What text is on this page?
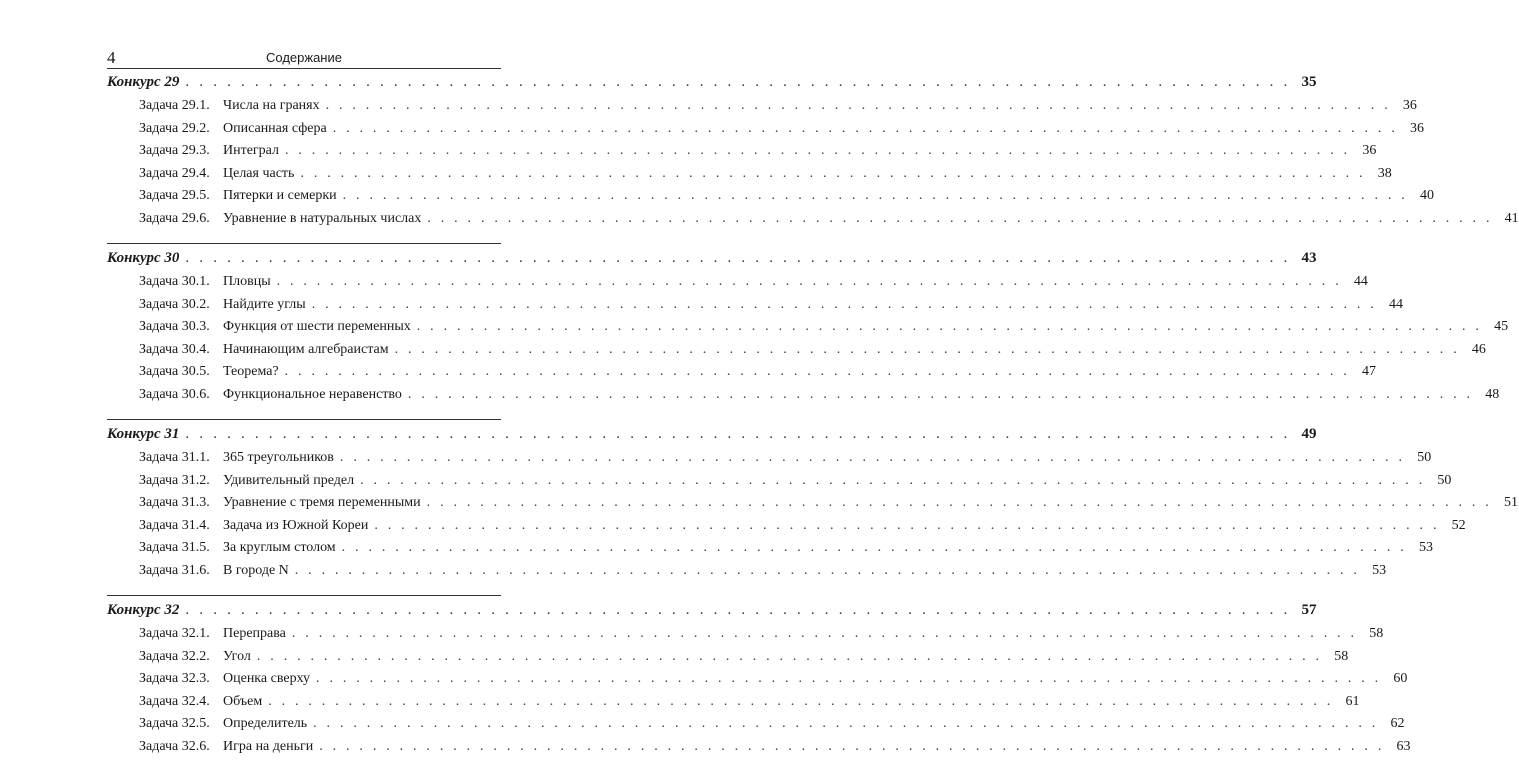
4	Содержание
Конкурс 29 . . . . . . . . . . . . . . . . . . . . . . . . . . . . . . . . . . . . . . . . . . . . . . . . . . . . . . . . . . . . . . . . . . . . . . . . . . . . . . . . 35
Задача 29.1. Числа на гранях . . . . . . . . . . . . . . . . . . . . . . . . . . . . . . . . . . . . . . . . . . . . . . . . . . . . . . . . . . . . . . . . . . . . . . . . . . . . . . . . 36
Задача 29.2. Описанная сфера . . . . . . . . . . . . . . . . . . . . . . . . . . . . . . . . . . . . . . . . . . . . . . . . . . . . . . . . . . . . . . . . . . . . . . . . . . . . . . . . 36
Задача 29.3. Интеграл . . . . . . . . . . . . . . . . . . . . . . . . . . . . . . . . . . . . . . . . . . . . . . . . . . . . . . . . . . . . . . . . . . . . . . . . . . . . . . . . 36
Задача 29.4. Целая часть . . . . . . . . . . . . . . . . . . . . . . . . . . . . . . . . . . . . . . . . . . . . . . . . . . . . . . . . . . . . . . . . . . . . . . . . . . . . . . . . 38
Задача 29.5. Пятерки и семерки . . . . . . . . . . . . . . . . . . . . . . . . . . . . . . . . . . . . . . . . . . . . . . . . . . . . . . . . . . . . . . . . . . . . . . . . . . . . . . . . 40
Задача 29.6. Уравнение в натуральных числах . . . . . . . . . . . . . . . . . . . . . . . . . . . . . . . . . . . . . . . . . . . . . . . . . . . . . . . . . . . . . . . . . . . . . . . . . . . . . . . . 41
Конкурс 30 . . . . . . . . . . . . . . . . . . . . . . . . . . . . . . . . . . . . . . . . . . . . . . . . . . . . . . . . . . . . . . . . . . . . . . . . . . . . . . . . 43
Задача 30.1. Пловцы . . . . . . . . . . . . . . . . . . . . . . . . . . . . . . . . . . . . . . . . . . . . . . . . . . . . . . . . . . . . . . . . . . . . . . . . . . . . . . . . 44
Задача 30.2. Найдите углы . . . . . . . . . . . . . . . . . . . . . . . . . . . . . . . . . . . . . . . . . . . . . . . . . . . . . . . . . . . . . . . . . . . . . . . . . . . . . . . . 44
Задача 30.3. Функция от шести переменных . . . . . . . . . . . . . . . . . . . . . . . . . . . . . . . . . . . . . . . . . . . . . . . . . . . . . . . . . . . . . . . . . . . . . . . . . . . . . . . . 45
Задача 30.4. Начинающим алгебраистам . . . . . . . . . . . . . . . . . . . . . . . . . . . . . . . . . . . . . . . . . . . . . . . . . . . . . . . . . . . . . . . . . . . . . . . . . . . . . . . . 46
Задача 30.5. Теорема? . . . . . . . . . . . . . . . . . . . . . . . . . . . . . . . . . . . . . . . . . . . . . . . . . . . . . . . . . . . . . . . . . . . . . . . . . . . . . . . . 47
Задача 30.6. Функциональное неравенство . . . . . . . . . . . . . . . . . . . . . . . . . . . . . . . . . . . . . . . . . . . . . . . . . . . . . . . . . . . . . . . . . . . . . . . . . . . . . . . . 48
Конкурс 31 . . . . . . . . . . . . . . . . . . . . . . . . . . . . . . . . . . . . . . . . . . . . . . . . . . . . . . . . . . . . . . . . . . . . . . . . . . . . . . . . 49
Задача 31.1. 365 треугольников . . . . . . . . . . . . . . . . . . . . . . . . . . . . . . . . . . . . . . . . . . . . . . . . . . . . . . . . . . . . . . . . . . . . . . . . . . . . . . . . 50
Задача 31.2. Удивительный предел . . . . . . . . . . . . . . . . . . . . . . . . . . . . . . . . . . . . . . . . . . . . . . . . . . . . . . . . . . . . . . . . . . . . . . . . . . . . . . . . 50
Задача 31.3. Уравнение с тремя переменными . . . . . . . . . . . . . . . . . . . . . . . . . . . . . . . . . . . . . . . . . . . . . . . . . . . . . . . . . . . . . . . . . . . . . . . . . . . . . . . . 51
Задача 31.4. Задача из Южной Кореи . . . . . . . . . . . . . . . . . . . . . . . . . . . . . . . . . . . . . . . . . . . . . . . . . . . . . . . . . . . . . . . . . . . . . . . . . . . . . . . . 52
Задача 31.5. За круглым столом . . . . . . . . . . . . . . . . . . . . . . . . . . . . . . . . . . . . . . . . . . . . . . . . . . . . . . . . . . . . . . . . . . . . . . . . . . . . . . . . 53
Задача 31.6. В городе N . . . . . . . . . . . . . . . . . . . . . . . . . . . . . . . . . . . . . . . . . . . . . . . . . . . . . . . . . . . . . . . . . . . . . . . . . . . . . . . . 53
Конкурс 32 . . . . . . . . . . . . . . . . . . . . . . . . . . . . . . . . . . . . . . . . . . . . . . . . . . . . . . . . . . . . . . . . . . . . . . . . . . . . . . . . 57
Задача 32.1. Переправа . . . . . . . . . . . . . . . . . . . . . . . . . . . . . . . . . . . . . . . . . . . . . . . . . . . . . . . . . . . . . . . . . . . . . . . . . . . . . . . . 58
Задача 32.2. Угол . . . . . . . . . . . . . . . . . . . . . . . . . . . . . . . . . . . . . . . . . . . . . . . . . . . . . . . . . . . . . . . . . . . . . . . . . . . . . . . . 58
Задача 32.3. Оценка сверху . . . . . . . . . . . . . . . . . . . . . . . . . . . . . . . . . . . . . . . . . . . . . . . . . . . . . . . . . . . . . . . . . . . . . . . . . . . . . . . . 60
Задача 32.4. Объем . . . . . . . . . . . . . . . . . . . . . . . . . . . . . . . . . . . . . . . . . . . . . . . . . . . . . . . . . . . . . . . . . . . . . . . . . . . . . . . . 61
Задача 32.5. Определитель . . . . . . . . . . . . . . . . . . . . . . . . . . . . . . . . . . . . . . . . . . . . . . . . . . . . . . . . . . . . . . . . . . . . . . . . . . . . . . . . 62
Задача 32.6. Игра на деньги . . . . . . . . . . . . . . . . . . . . . . . . . . . . . . . . . . . . . . . . . . . . . . . . . . . . . . . . . . . . . . . . . . . . . . . . . . . . . . . . 63
